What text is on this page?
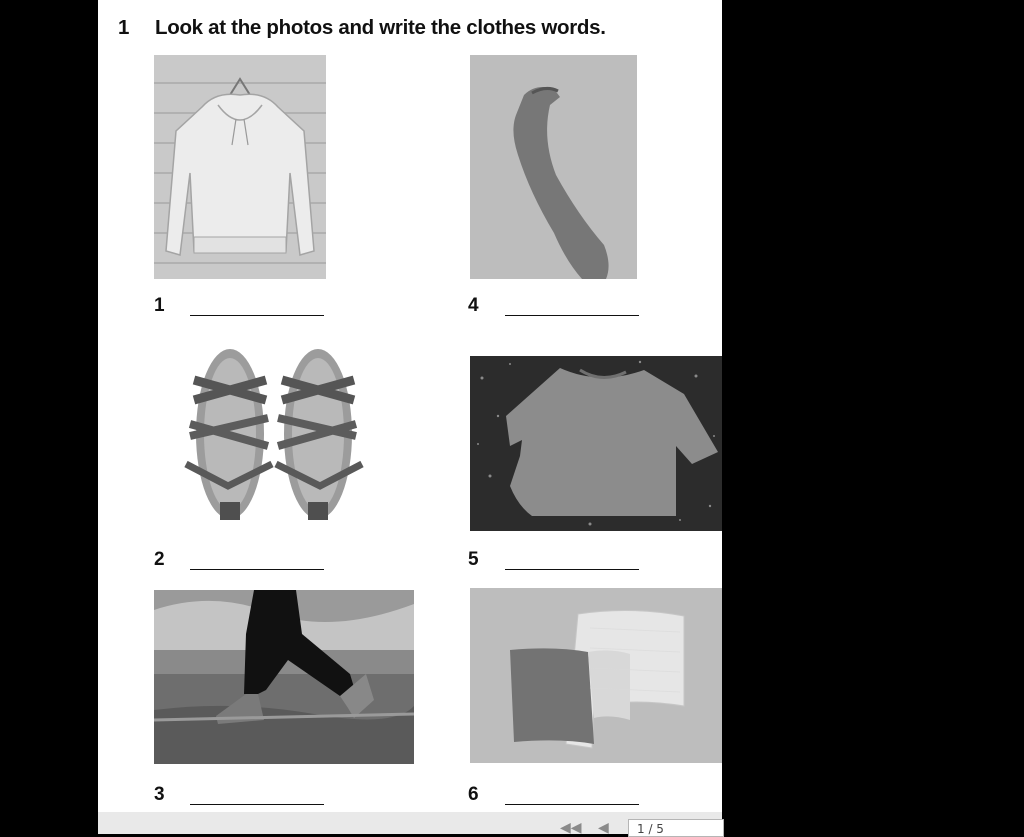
1 Look at the photos and write the clothes words.
1
2
3
4
5
6
◀◀ ◀	1 / 5
